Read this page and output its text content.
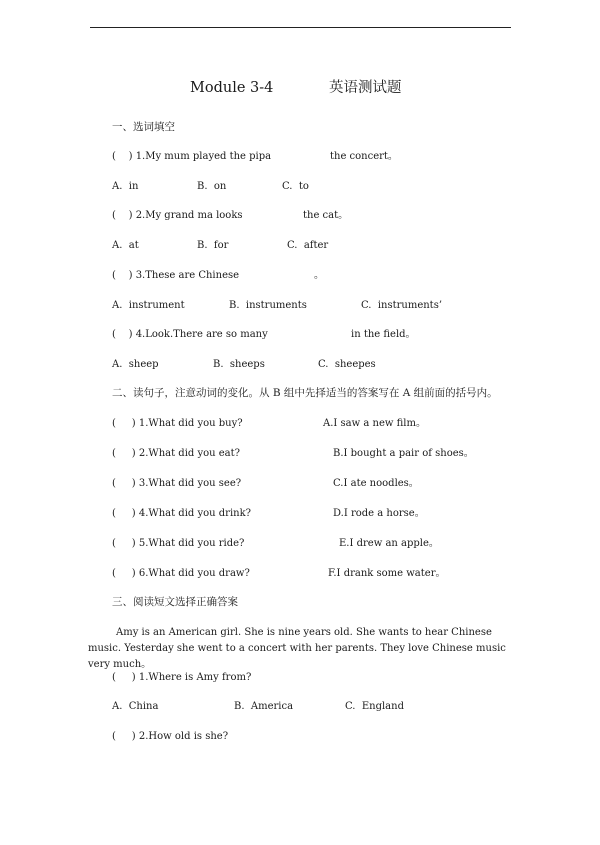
Module 3-4	英语测试题
一、选词填空
(    ) 1.My mum played the pipa	the concert。
A.  in	B.  on	C.  to
(    ) 2.My grand ma looks	the cat。
A.  at	B.  for	C.  after
(    ) 3.These are Chinese	。
A.  instrument	B.  instruments	C.  instruments’
(    ) 4.Look.There are so many	in the field。
A.  sheep	B.  sheeps	C.  sheepes
二、读句子，注意动词的变化。从 B 组中先择适当的答案写在 A 组前面的括号内。
(     ) 1.What did you buy?	A.I saw a new film。
(     ) 2.What did you eat?	B.I bought a pair of shoes。
(     ) 3.What did you see?	C.I ate noodles。
(     ) 4.What did you drink?	D.I rode a horse。
(     ) 5.What did you ride?	E.I drew an apple。
(     ) 6.What did you draw?	F.I drank some water。
三、阅读短文选择正确答案
Amy is an American girl. She is nine years old. She wants to hear Chinese music. Yesterday she went to a concert with her parents. They love Chinese music very much。
(     ) 1.Where is Amy from?
A.  China	B.  America	C.  England
(     ) 2.How old is she?
